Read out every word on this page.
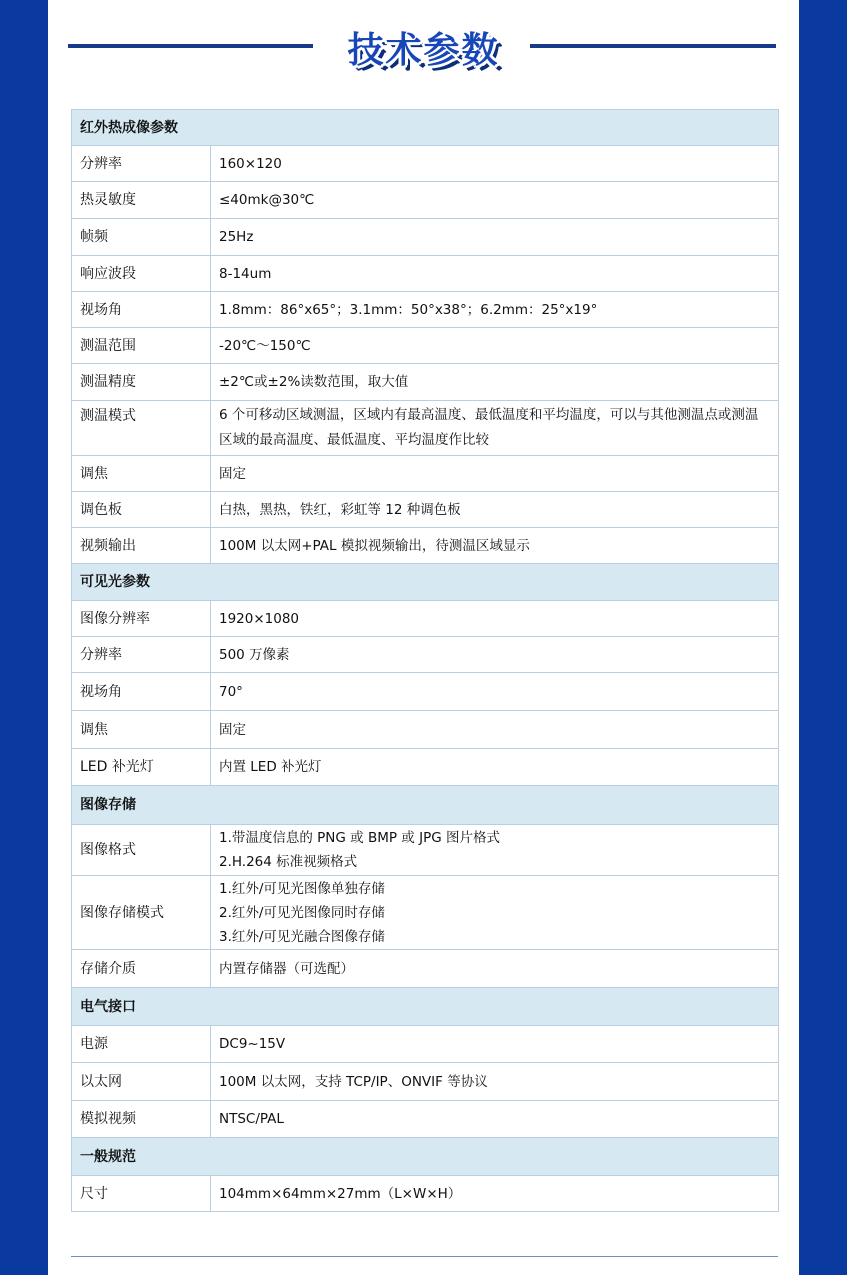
技术参数
红外热成像参数	
分辨率	160×120
热灵敏度	≤40mk@30℃
帧频	25Hz
响应波段	8-14um
视场角	1.8mm：86°x65°；3.1mm：50°x38°；6.2mm：25°x19°
测温范围	-20℃～150℃
测温精度	±2℃或±2%读数范围，取大值
测温模式	6 个可移动区域测温，区域内有最高温度、最低温度和平均温度，可以与其他测温点或测温区域的最高温度、最低温度、平均温度作比较
调焦	固定
调色板	白热，黑热，铁红，彩虹等 12 种调色板
视频输出	100M 以太网+PAL 模拟视频输出，待测温区域显示
可见光参数	
图像分辨率	1920×1080
分辨率	500 万像素
视场角	70°
调焦	固定
LED 补光灯	内置 LED 补光灯
图像存储	
图像格式	1.带温度信息的 PNG 或 BMP 或 JPG 图片格式
2.H.264 标准视频格式

图像存储模式	1.红外/可见光图像单独存储
2.红外/可见光图像同时存储
3.红外/可见光融合图像存储

存储介质	内置存储器（可选配）
电气接口	
电源	DC9~15V
以太网	100M 以太网，支持 TCP/IP、ONVIF 等协议
模拟视频	NTSC/PAL
一般规范	
尺寸	104mm×64mm×27mm（L×W×H）
